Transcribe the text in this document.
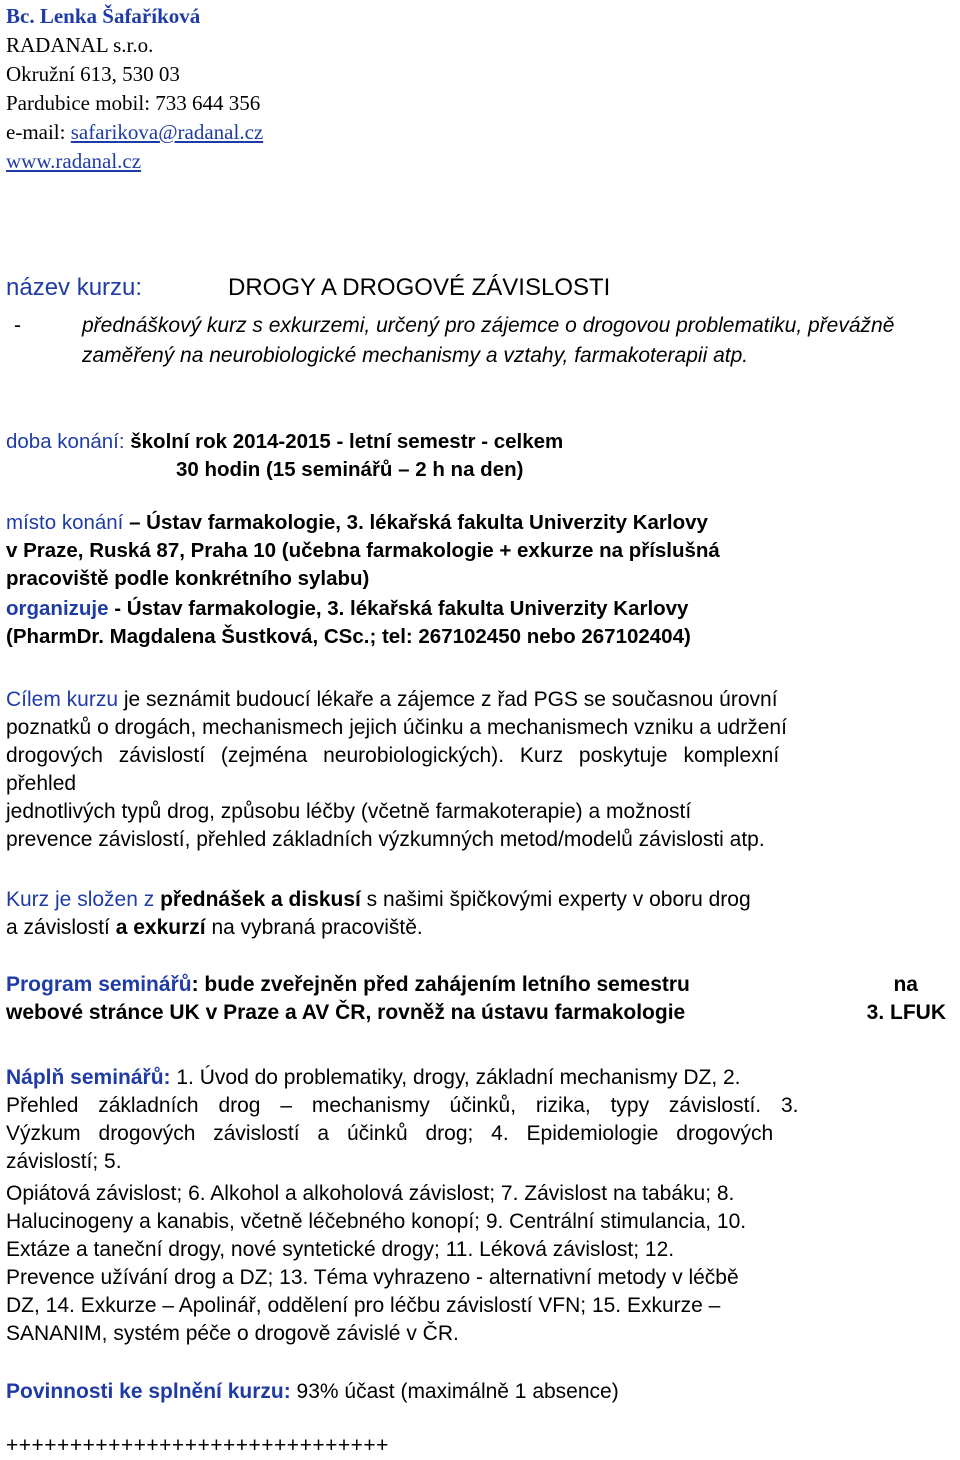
Bc. Lenka Šafaříková
RADANAL s.r.o.
Okružní 613, 530 03
Pardubice mobil: 733 644 356
e-mail: safarikova@radanal.cz
www.radanal.cz
název kurzu:	DROGY A DROGOVÉ ZÁVISLOSTI
-	přednáškový kurz s exkurzemi, určený pro zájemce o drogovou problematiku, převážně zaměřený na neurobiologické mechanismy a vztahy, farmakoterapii atp.
doba konání: školní rok 2014-2015 - letní semestr - celkem
30 hodin (15 seminářů – 2 h na den)

místo konání – Ústav farmakologie, 3. lékařská fakulta Univerzity Karlovy

v Praze, Ruská 87, Praha 10 (učebna farmakologie + exkurze na příslušná

pracoviště podle konkrétního sylabu)

organizuje - Ústav farmakologie, 3. lékařská fakulta Univerzity Karlovy

(PharmDr. Magdalena Šustková, CSc.; tel: 267102450 nebo 267102404)

Cílem kurzu je seznámit budoucí lékaře a zájemce z řad PGS se současnou úrovní

poznatků o drogách, mechanismech jejich účinku a mechanismech vzniku a udržení

drogových závislostí (zejména neurobiologických). Kurz poskytuje komplexní

přehled

jednotlivých typů drog, způsobu léčby (včetně farmakoterapie) a možností

prevence závislostí, přehled základních výzkumných metod/modelů závislosti atp.

Kurz je složen z přednášek a diskusí s našimi špičkovými experty v oboru drog

a závislostí a exkurzí na vybraná pracoviště.

Program seminářů: bude zveřejněn před zahájením letního semestru	na

webové stránce UK v Praze a AV ČR, rovněž na ústavu farmakologie	3. LFUK

Náplň seminářů: 1. Úvod do problematiky, drogy, základní mechanismy DZ, 2.

Přehled základních drog – mechanismy účinků, rizika, typy závislostí. 3.

Výzkum drogových závislostí a účinků drog; 4. Epidemiologie drogových

závislostí; 5.

Opiátová závislost; 6. Alkohol a alkoholová závislost; 7. Závislost na tabáku; 8.

Halucinogeny a kanabis, včetně léčebného konopí; 9. Centrální stimulancia, 10.

Extáze a taneční drogy, nové syntetické drogy; 11. Léková závislost; 12.

Prevence užívání drog a DZ; 13. Téma vyhrazeno - alternativní metody v léčbě

DZ, 14. Exkurze – Apolinář, oddělení pro léčbu závislostí VFN; 15. Exkurze –

SANANIM, systém péče o drogově závislé v ČR.

Povinnosti ke splnění kurzu: 93% účast (maximálně 1 absence)

++++++++++++++++++++++++++++++
